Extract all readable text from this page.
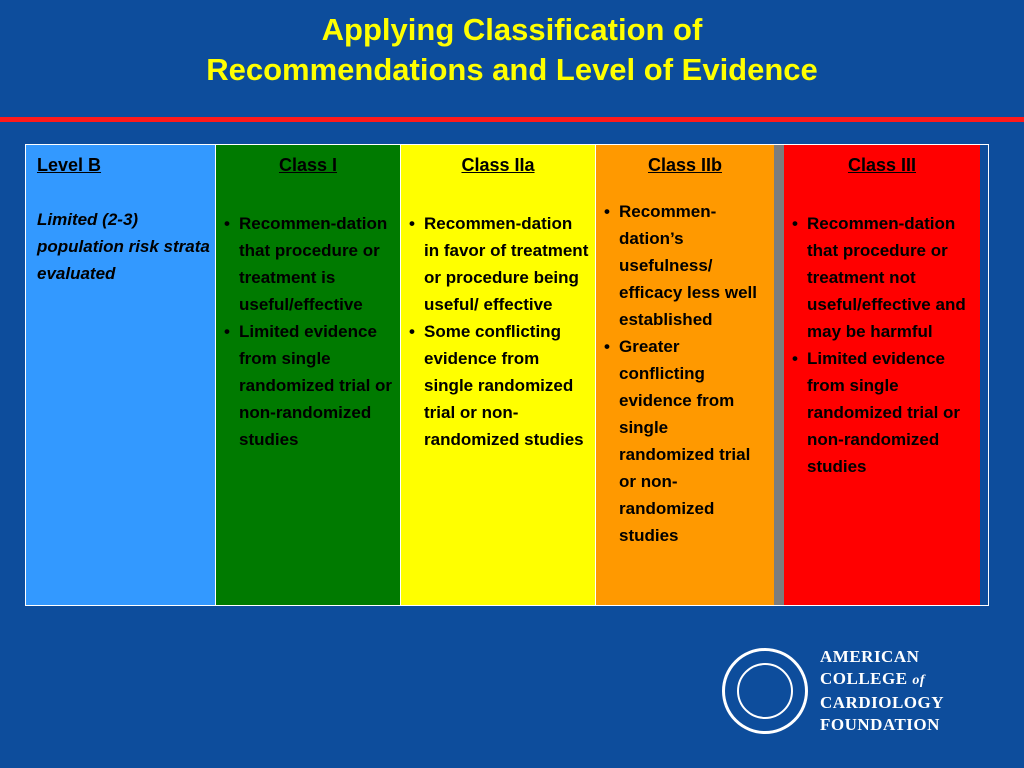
Applying Classification of
Recommendations and Level of Evidence
Level B
Limited (2-3) population risk strata evaluated
Class I
• Recommen-dation that procedure or treatment is useful/effective
• Limited evidence from single randomized trial or non-randomized studies
Class IIa
• Recommen-dation in favor of treatment or procedure being useful/ effective
• Some conflicting evidence from single randomized trial or non-randomized studies
Class IIb
• Recommen-dation’s usefulness/ efficacy less well established
• Greater conflicting evidence from single randomized trial or non-randomized studies
Class III
• Recommen-dation that procedure or treatment not useful/effective and may be harmful
• Limited evidence from single randomized trial or non-randomized studies
AMERICAN
COLLEGE of
CARDIOLOGY
FOUNDATION
